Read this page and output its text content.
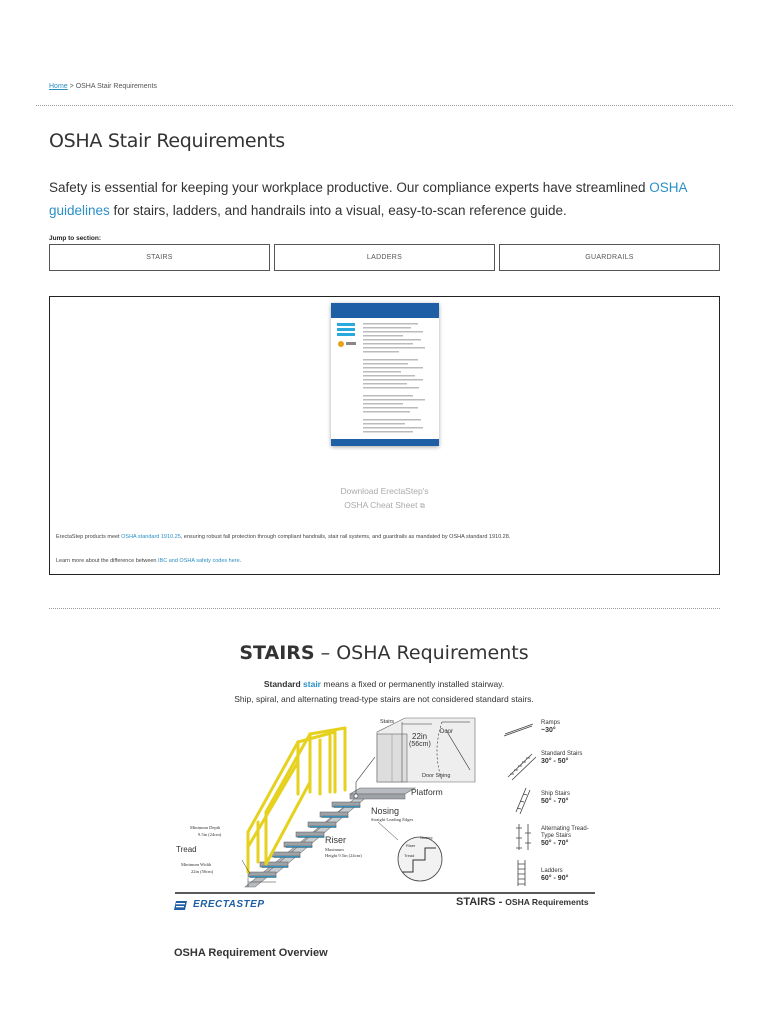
Home > OSHA Stair Requirements
OSHA Stair Requirements

Safety is essential for keeping your workplace productive. Our compliance experts have streamlined OSHA guidelines for stairs, ladders, and handrails into a visual, easy-to-scan reference guide.

Jump to section:
STAIRS	LADDERS	GUARDRAILS
Download ErectaStep's
OSHA Cheat Sheet ⧉

ErectaStep products meet OSHA standard 1910.25, ensuring robust fall protection through compliant handrails, stair rail systems, and guardrails as mandated by OSHA standard 1910.28.

Learn more about the difference between IBC and OSHA safety codes here.

STAIRS – OSHA Requirements
Standard stair means a fixed or permanently installed stairway.
Ship, spiral, and alternating tread-type stairs are not considered standard stairs.
Stairs
Door
22in
(56cm)
Door Swing
Platform
Nosing
Straight Leading Edges
Riser
Maximum
Height 9.5in (24cm)
Minimum Depth
9.5in (24cm)
Tread
Minimum Width
22in (56cm)
Nosing
Riser
Tread
Ramps
~30°
Standard Stairs
30° - 50°
Ship Stairs
50° - 70°
Alternating Tread-Type Stairs
50° - 70°
Ladders
60° - 90°
ERECTASTEP	STAIRS - OSHA Requirements
OSHA Requirement Overview
